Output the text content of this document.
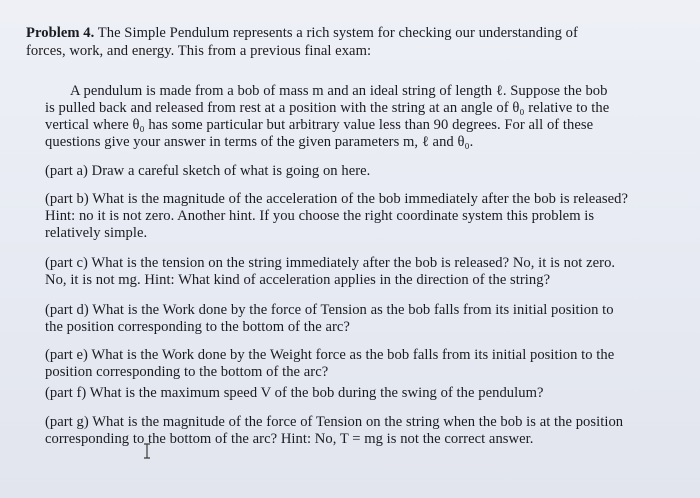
Problem 4. The Simple Pendulum represents a rich system for checking our understanding of
forces, work, and energy. This from a previous final exam:
A pendulum is made from a bob of mass m and an ideal string of length ℓ. Suppose the bob
is pulled back and released from rest at a position with the string at an angle of θ₀ relative to the
vertical where θ₀ has some particular but arbitrary value less than 90 degrees. For all of these
questions give your answer in terms of the given parameters m, ℓ and θ₀.
(part a) Draw a careful sketch of what is going on here.
(part b) What is the magnitude of the acceleration of the bob immediately after the bob is released?
Hint: no it is not zero. Another hint. If you choose the right coordinate system this problem is
relatively simple.
(part c) What is the tension on the string immediately after the bob is released? No, it is not zero.
No, it is not mg. Hint: What kind of acceleration applies in the direction of the string?
(part d) What is the Work done by the force of Tension as the bob falls from its initial position to
the position corresponding to the bottom of the arc?
(part e) What is the Work done by the Weight force as the bob falls from its initial position to the
position corresponding to the bottom of the arc?
(part f) What is the maximum speed V of the bob during the swing of the pendulum?
(part g) What is the magnitude of the force of Tension on the string when the bob is at the position
corresponding to the bottom of the arc? Hint: No, T = mg is not the correct answer.
